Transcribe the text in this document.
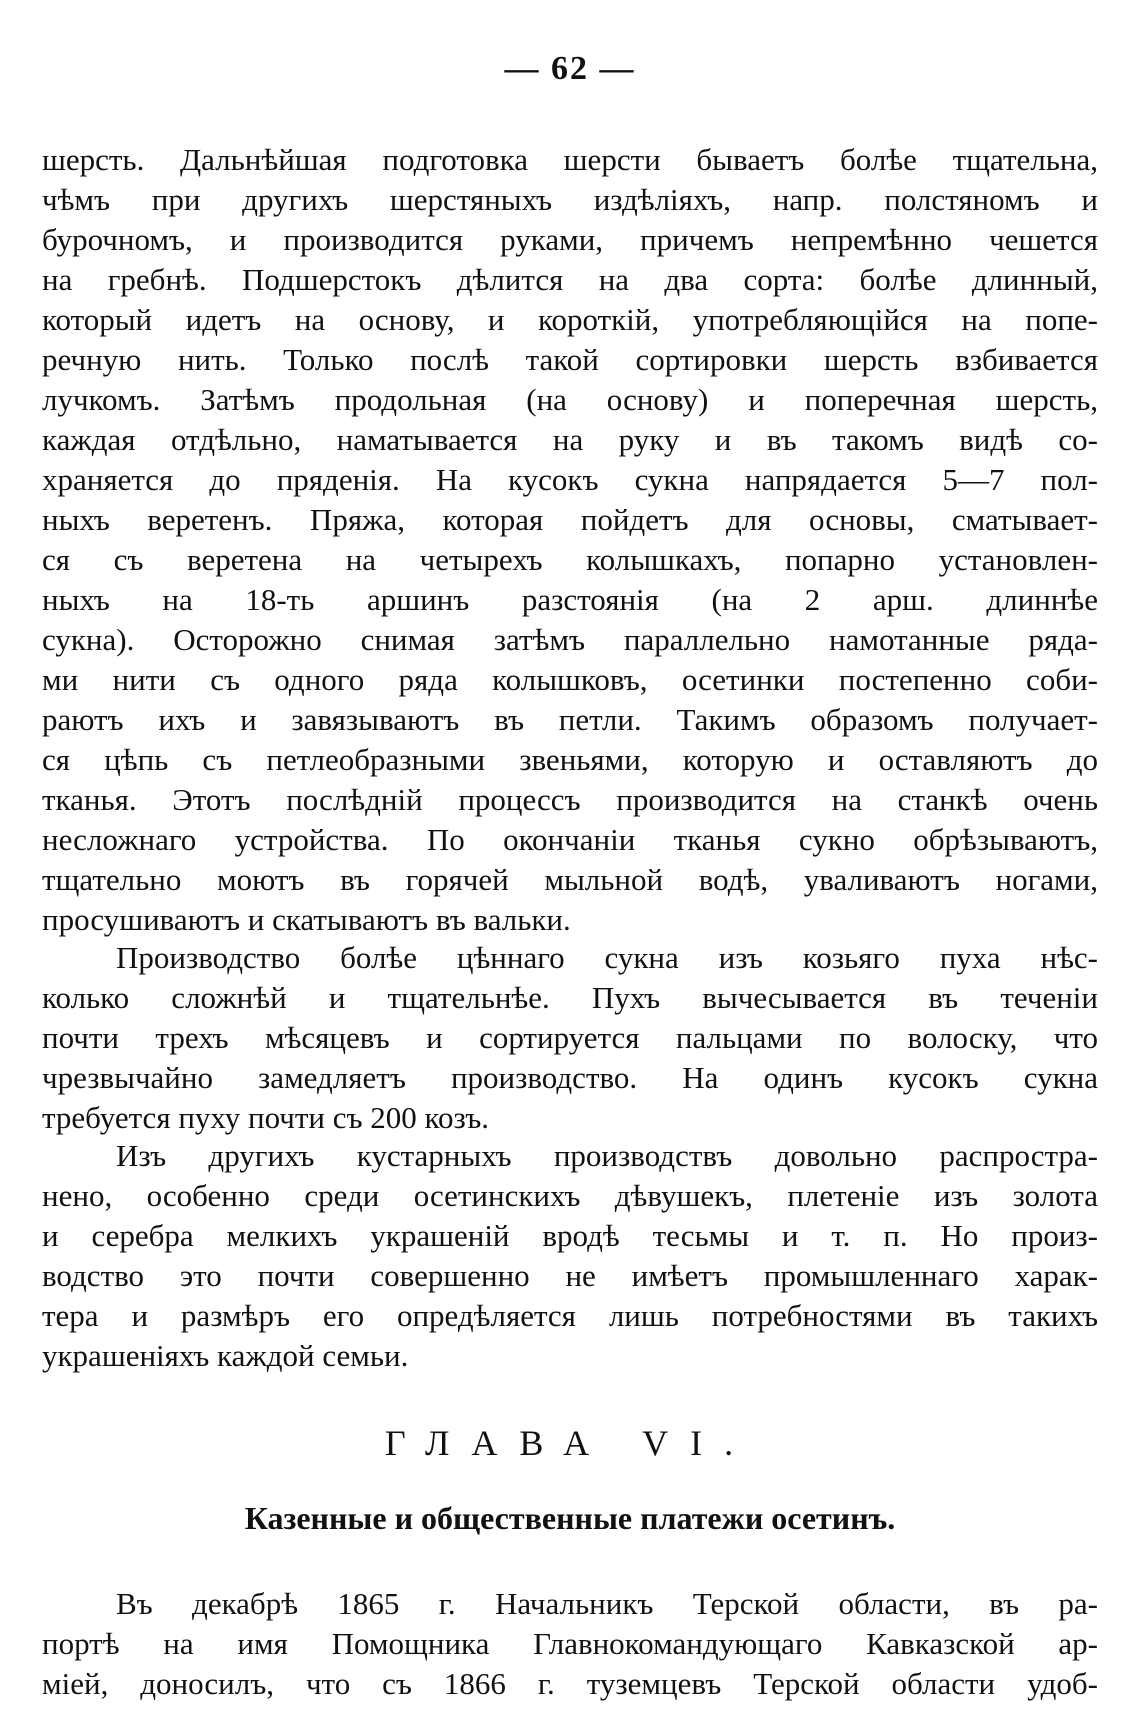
— 62 —
шерсть. Дальнѣйшая подготовка шерсти бываетъ болѣе тщательна,
чѣмъ при другихъ шерстяныхъ издѣліяхъ, напр. полстяномъ и
бурочномъ, и производится руками, причемъ непремѣнно чешется
на гребнѣ. Подшерстокъ дѣлится на два сорта: болѣе длинный,
который идетъ на основу, и короткій, употребляющійся на попе-
речную нить. Только послѣ такой сортировки шерсть взбивается
лучкомъ. Затѣмъ продольная (на основу) и поперечная шерсть,
каждая отдѣльно, наматывается на руку и въ такомъ видѣ со-
храняется до пряденія. На кусокъ сукна напрядается 5—7 пол-
ныхъ веретенъ. Пряжа, которая пойдетъ для основы, сматывает-
ся съ веретена на четырехъ колышкахъ, попарно установлен-
ныхъ на 18-ть аршинъ разстоянія (на 2 арш. длиннѣе
сукна). Осторожно снимая затѣмъ параллельно намотанные рядa-
ми нити съ одного ряда колышковъ, осетинки постепенно соби-
раютъ ихъ и завязываютъ въ петли. Такимъ образомъ получает-
ся цѣпь съ петлеобразными звеньями, которую и оставляютъ до
тканья. Этотъ послѣдній процессъ производится на станкѣ очень
несложнаго устройства. По окончаніи тканья сукно обрѣзываютъ,
тщательно моютъ въ горячей мыльной водѣ, уваливаютъ ногами,
просушиваютъ и скатываютъ въ вальки.
Производство болѣе цѣннаго сукна изъ козьяго пуха нѣс-
колько сложнѣй и тщательнѣе. Пухъ вычесывается въ теченіи
почти трехъ мѣсяцевъ и сортируется пальцами по волоску, что
чрезвычайно замедляетъ производство. На одинъ кусокъ сукна
требуется пуху почти съ 200 козъ.
Изъ другихъ кустарныхъ производствъ довольно распростра-
нено, особенно среди осетинскихъ дѣвушекъ, плетеніе изъ золота
и серебра мелкихъ украшеній вродѣ тесьмы и т. п. Но произ-
водство это почти совершенно не имѣетъ промышленнаго харак-
тера и размѣръ его опредѣляется лишь потребностями въ такихъ
украшеніяхъ каждой семьи.
ГЛАВА VI.
Казенные и общественные платежи осетинъ.
Въ декабрѣ 1865 г. Начальникъ Терской области, въ ра-
портѣ на имя Помощника Главнокомандующаго Кавказской ар-
міей, доносилъ, что съ 1866 г. туземцевъ Терской области удоб-
